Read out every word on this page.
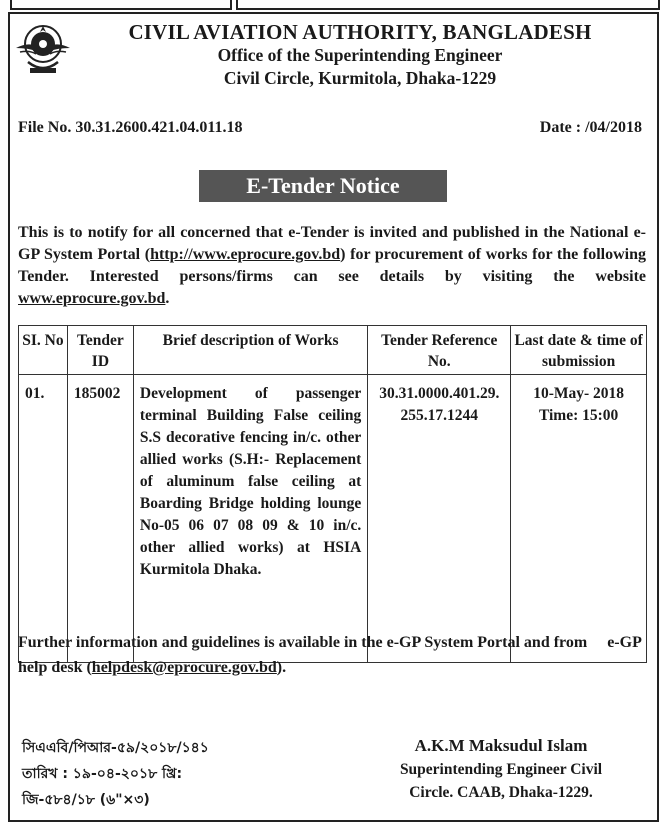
CIVIL AVIATION AUTHORITY, BANGLADESH
Office of the Superintending Engineer
Civil Circle, Kurmitola, Dhaka-1229
File No. 30.31.2600.421.04.011.18	Date : /04/2018
E-Tender Notice
This is to notify for all concerned that e-Tender is invited and published in the National e-GP System Portal (http://www.eprocure.gov.bd) for procurement of works for the following Tender. Interested persons/firms can see details by visiting the website www.eprocure.gov.bd.
SI. No	Tender ID	Brief description of Works	Tender Reference No.	Last date & time of submission
01.	185002	Development of passenger terminal Building False ceiling S.S decorative fencing in/c. other allied works (S.H:- Replacement of aluminum false ceiling at Boarding Bridge holding lounge No-05 06 07 08 09 & 10 in/c. other allied works) at HSIA Kurmitola Dhaka.	30.31.0000.401.29. 255.17.1244	10-May- 2018 Time: 15:00
Further information and guidelines is available in the e-GP System Portal and from     e-GP help desk (helpdesk@eprocure.gov.bd).
সিএএবি/পিআর-৫৯/২০১৮/১৪১
তারিখ : ১৯-০৪-২০১৮ খ্রি:
জি-৫৮৪/১৮ (৬"×৩)
A.K.M Maksudul Islam
Superintending Engineer Civil
Circle. CAAB, Dhaka-1229.
